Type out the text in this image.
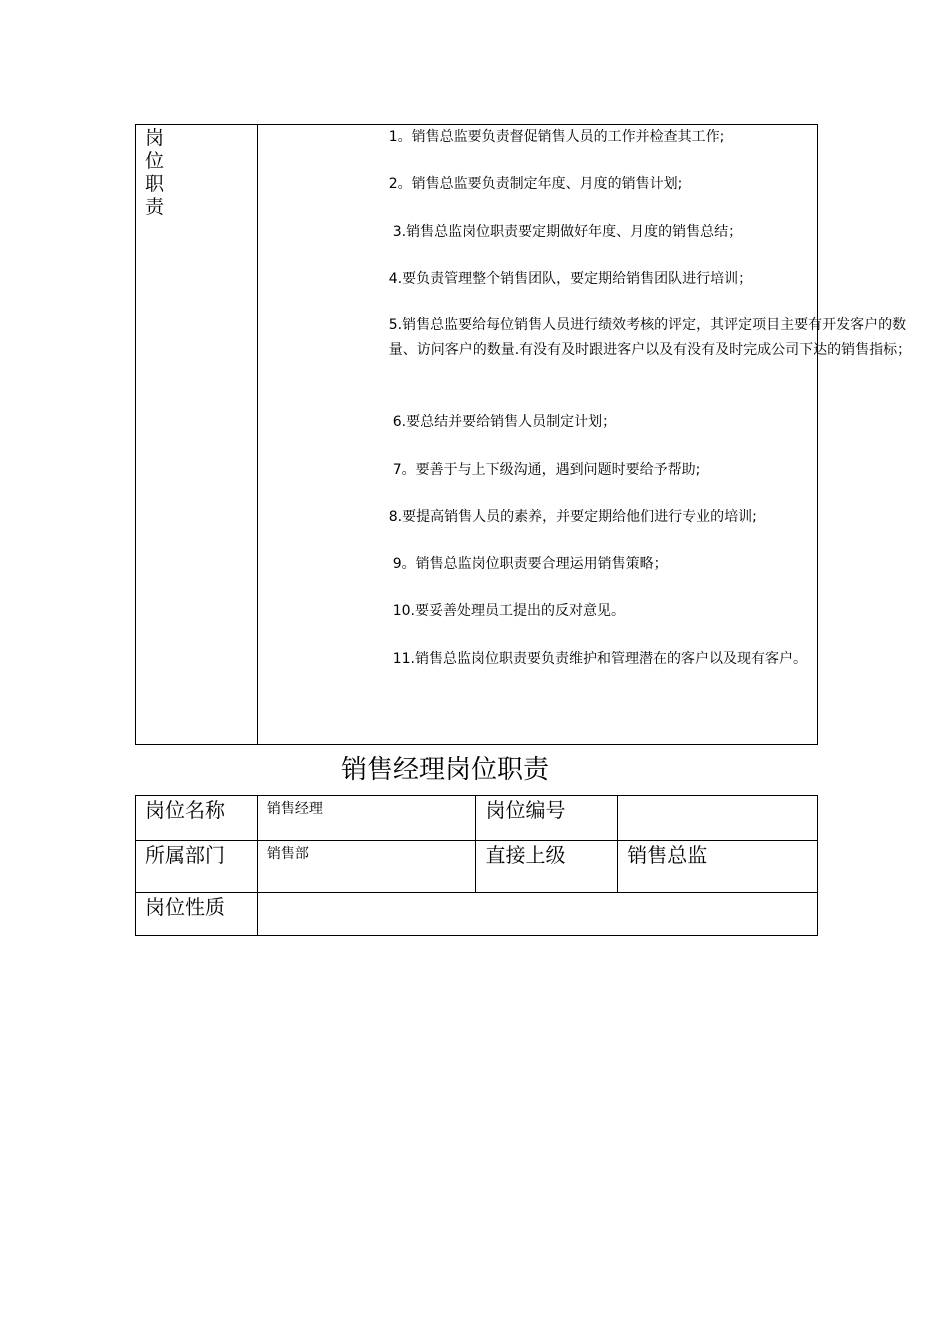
岗位职责

1。销售总监要负责督促销售人员的工作并检查其工作;
2。销售总监要负责制定年度、月度的销售计划;
3.销售总监岗位职责要定期做好年度、月度的销售总结；
4.要负责管理整个销售团队，要定期给销售团队进行培训；
5.销售总监要给每位销售人员进行绩效考核的评定，其评定项目主要有开发客户的数量、访问客户的数量.有没有及时跟进客户以及有没有及时完成公司下达的销售指标；
6.要总结并要给销售人员制定计划；
7。要善于与上下级沟通，遇到问题时要给予帮助;
8.要提高销售人员的素养，并要定期给他们进行专业的培训;
9。销售总监岗位职责要合理运用销售策略；
10.要妥善处理员工提出的反对意见。
11.销售总监岗位职责要负责维护和管理潜在的客户以及现有客户。
销售经理岗位职责
岗位名称	销售经理	岗位编号	

所属部门	销售部	直接上级	销售总监

岗位性质			
